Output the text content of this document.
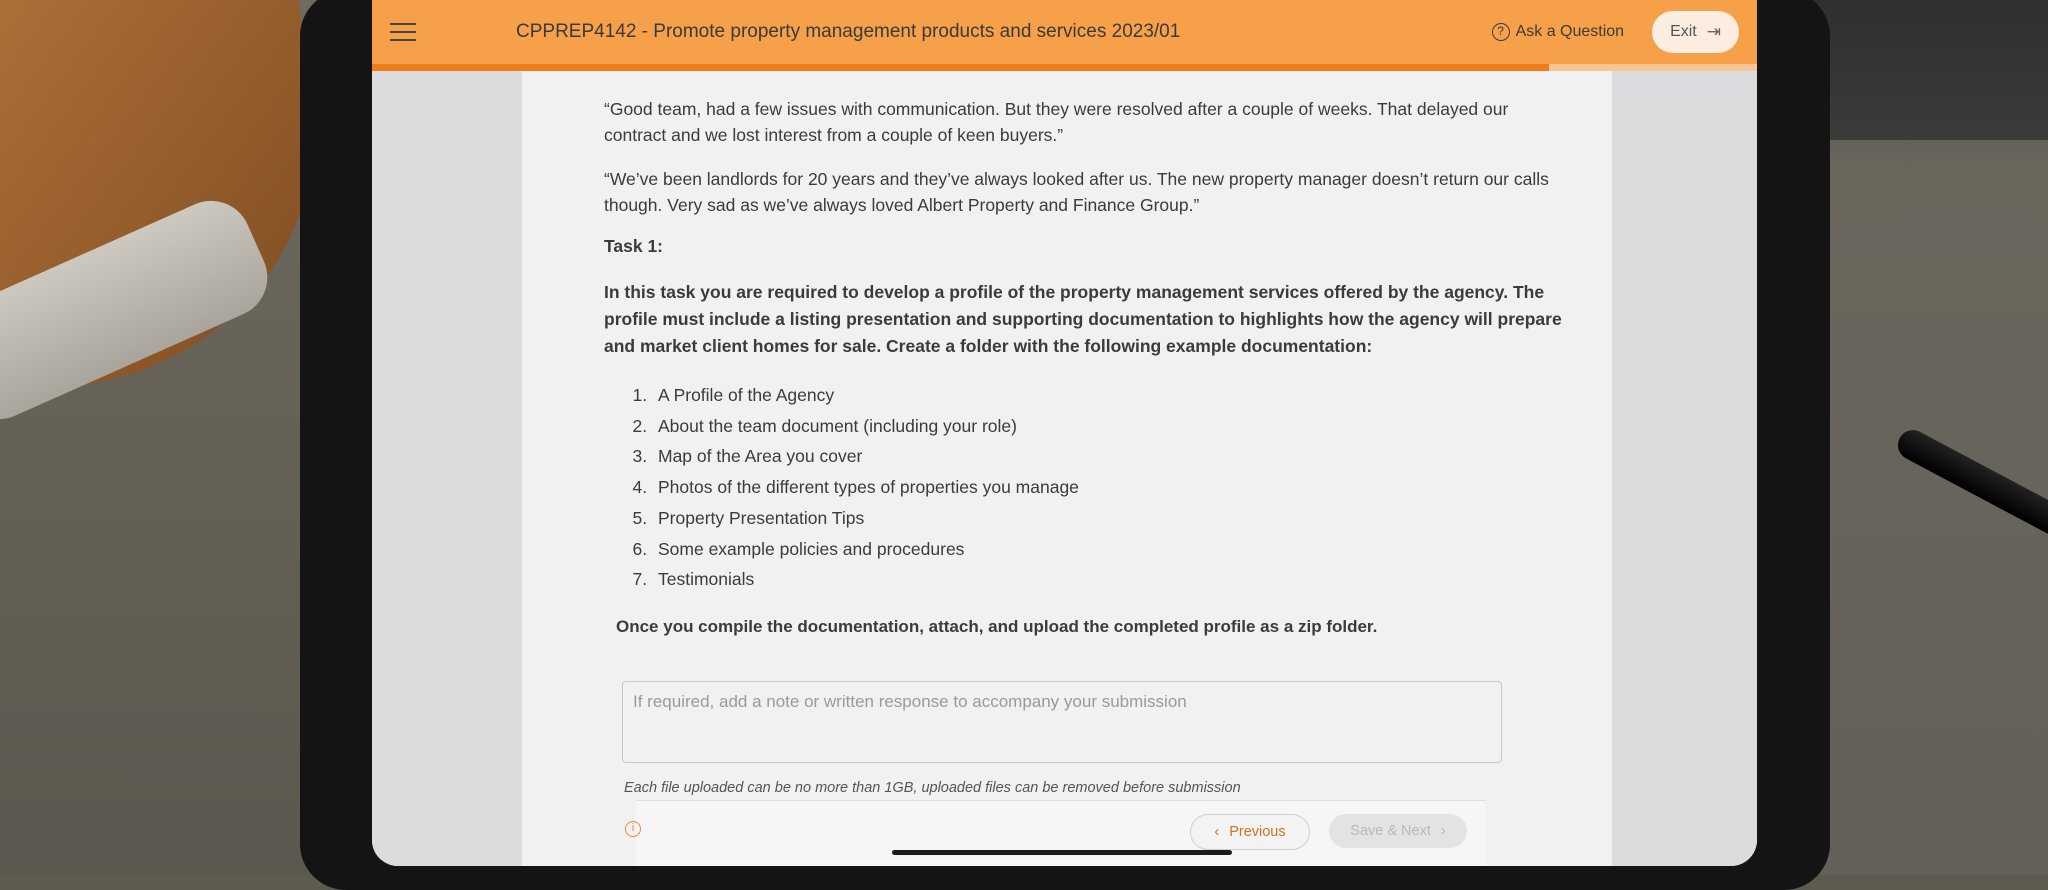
CPPREP4142 - Promote property management products and services 2023/01	? Ask a Question	Exit ⇥

“Good team, had a few issues with communication. But they were resolved after a couple of weeks. That delayed our contract and we lost interest from a couple of keen buyers.”

“We’ve been landlords for 20 years and they’ve always looked after us. The new property manager doesn’t return our calls though. Very sad as we’ve always loved Albert Property and Finance Group.”

Task 1:
In this task you are required to develop a profile of the property management services offered by the agency. The profile must include a listing presentation and supporting documentation to highlights how the agency will prepare and market client homes for sale. Create a folder with the following example documentation:
1. A Profile of the Agency
2. About the team document (including your role)
3. Map of the Area you cover
4. Photos of the different types of properties you manage
5. Property Presentation Tips
6. Some example policies and procedures
7. Testimonials
Once you compile the documentation, attach, and upload the completed profile as a zip folder.
If required, add a note or written response to accompany your submission
Each file uploaded can be no more than 1GB, uploaded files can be removed before submission
i	‹ Previous	Save & Next ›
